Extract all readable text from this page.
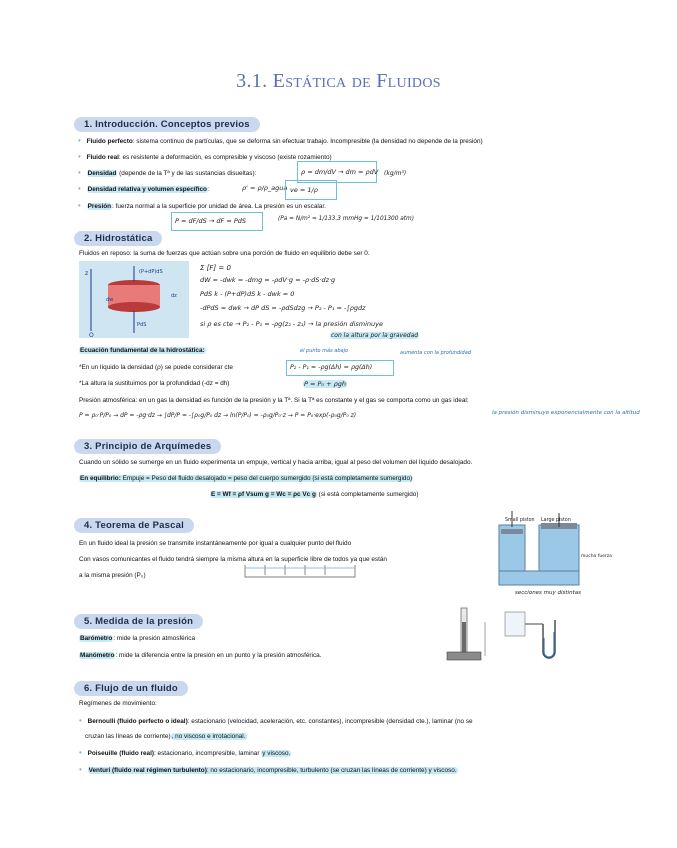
3.1. Estática de Fluidos
1. Introducción. Conceptos previos
• Fluido perfecto: sistema continuo de partículas, que se deforma sin efectuar trabajo. Incompresible (la densidad no depende de la presión)
• Fluido real: es resistente a deformación, es compresible y viscoso (existe rozamiento)
• Densidad (depende de la Tª y de las sustancias disueltas):	ρ = dm/dV → dm = ρdV (kg/m³)
• Densidad relativa y volumen específico:	ρ' = ρ/ρ_agua ve = 1/ρ
• Presión: fuerza normal a la superficie por unidad de área. La presión es un escalar.
P = dF/dS → dF = PdS	(Pa = N/m² = 1/133.3 mmHg = 1/101300 atm)
2. Hidrostática
Fluidos en reposo: la suma de fuerzas que actúan sobre una porción de fluido en equilibrio debe ser 0.
z
O
(P+dP)dS
dw
PdS
dz
Σ [F] = 0
dW = -dwk = -dmg = -ρdV·g = -ρ·dS·dz·g
PdS k - (P+dP)dS k - dwk = 0
-dPdS = dwk → dP dS = -ρdSdzg → P₂ - P₁ = -∫ρgdz
si ρ es cte → P₂ - P₁ = -ρg(z₂ - z₁) → la presión disminuye
con la altura por la gravedad
Ecuación fundamental de la hidrostática:
*En un líquido la densidad (ρ) se puede considerar cte
*La altura la sustituimos por la profundidad (-dz = dh)
el punto más abajo	aumenta con la profundidad
P₂ - P₁ = -ρg(Δh) = ρg(Δh)
P = P₀ + ρgh
Presión atmosférica: en un gas la densidad es función de la presión y la Tª. Si la Tª es constante y el gas se comporta como un gas ideal:
P = ρ₀·P/P₀ → dP = -ρg·dz → ∫dP/P = -∫ρ₀g/P₀ dz → ln(P/P₀) = -ρ₀g/P₀·z → P = P₀·exp(-ρ₀g/P₀ z)	la presión disminuye exponencialmente con la altitud
3. Principio de Arquímedes
Cuando un sólido se sumerge en un fluido experimenta un empuje, vertical y hacia arriba, igual al peso del volumen del líquido desalojado.
En equilibrio: Empuje = Peso del fluido desalojado = peso del cuerpo sumergido (si está completamente sumergido)
E = Wf = ρf Vsum g = Wc = ρc Vc g (si está completamente sumergido)
4. Teorema de Pascal
En un fluido ideal la presión se transmite instantáneamente por igual a cualquier punto del fluido
Con vasos comunicantes el fluido tendrá siempre la misma altura en la superficie libre de todos ya que están
a la misma presión (P₀)
Small piston Large piston
mucha fuerza
secciones muy distintas
5. Medida de la presión
Barómetro: mide la presión atmosférica
Manómetro: mide la diferencia entre la presión en un punto y la presión atmosférica.
6. Flujo de un fluido
Regímenes de movimiento:
• Bernoulli (fluido perfecto o ideal): estacionario (velocidad, aceleración, etc. constantes), incompresible (densidad cte.), laminar (no se
cruzan las líneas de corriente), no viscoso e irrotacional.
• Poiseuille (fluido real): estacionario, incompresible, laminar y viscoso.
• Venturi (fluido real régimen turbulento): no estacionario, incompresible, turbulento (se cruzan las líneas de corriente) y viscoso.
